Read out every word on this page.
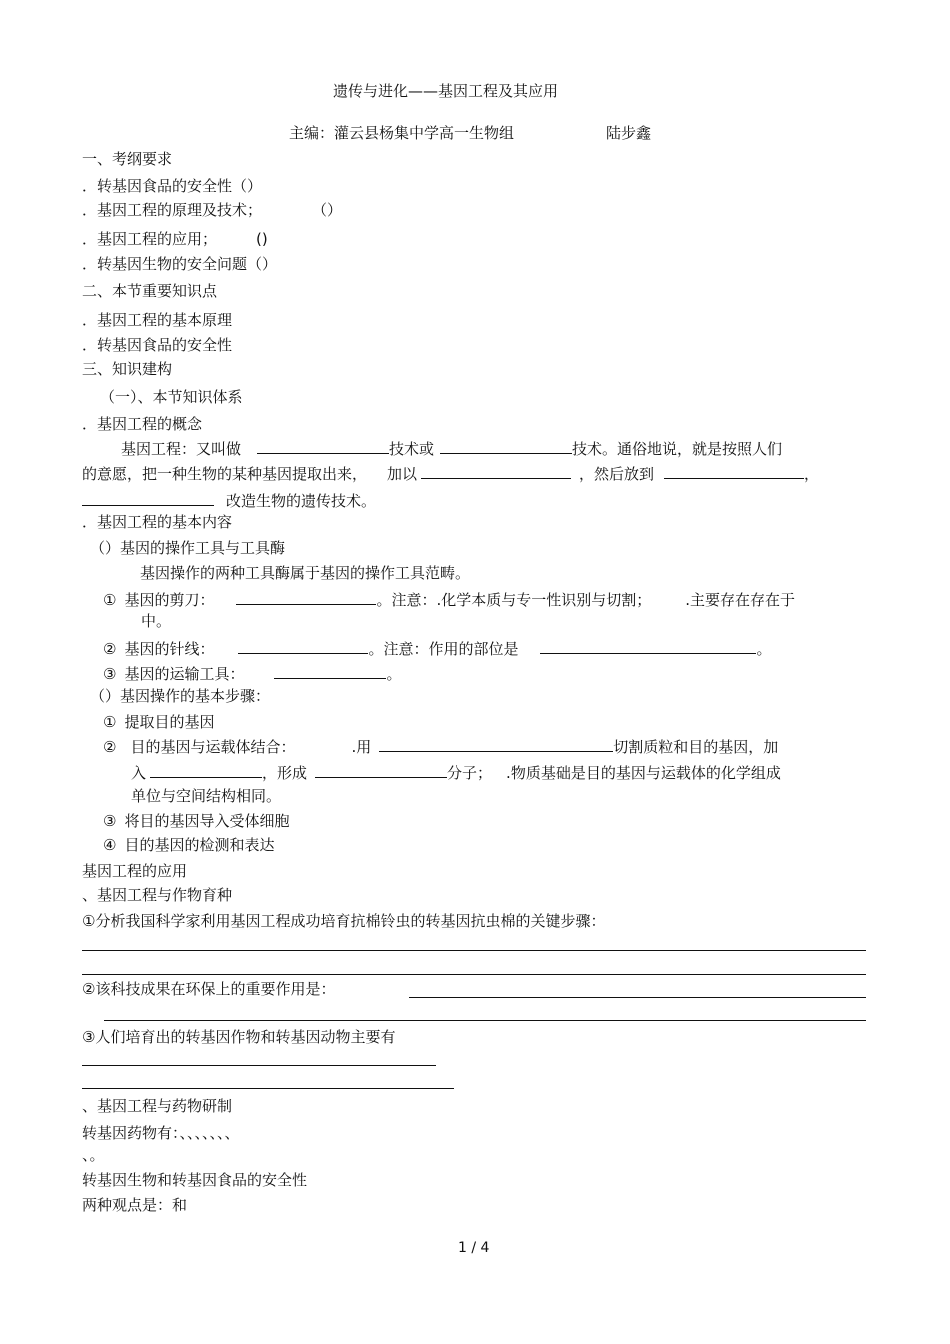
遗传与进化——基因工程及其应用
主编：灌云县杨集中学高一生物组	陆步鑫
一、考纲要求
．转基因食品的安全性（）
．基因工程的原理及技术；	（）
．基因工程的应用；	()
．转基因生物的安全问题（）
二、本节重要知识点
．基因工程的基本原理
．转基因食品的安全性
三、知识建构
（一）、本节知识体系
．基因工程的概念
基因工程：又叫做	技术或	技术。通俗地说，就是按照人们
的意愿，把一种生物的某种基因提取出来， 加以	，然后放到	，
改造生物的遗传技术。
．基因工程的基本内容
（）基因的操作工具与工具酶
基因操作的两种工具酶属于基因的操作工具范畴。
① 基因的剪刀：	。注意：.化学本质与专一性识别与切割； .主要存在存在于
中。
② 基因的针线：	。注意：作用的部位是	。
③ 基因的运输工具：	。
（）基因操作的基本步骤：
① 提取目的基因
② 目的基因与运载体结合：	.用	切割质粒和目的基因，加
入	，形成	分子； .物质基础是目的基因与运载体的化学组成
单位与空间结构相同。
③ 将目的基因导入受体细胞
④ 目的基因的检测和表达
基因工程的应用
、基因工程与作物育种
①分析我国科学家利用基因工程成功培育抗棉铃虫的转基因抗虫棉的关键步骤：
②该科技成果在环保上的重要作用是：
③人们培育出的转基因作物和转基因动物主要有
、基因工程与药物研制
转基因药物有：、、、、、、、
、。
转基因生物和转基因食品的安全性
两种观点是：和
1 / 4
